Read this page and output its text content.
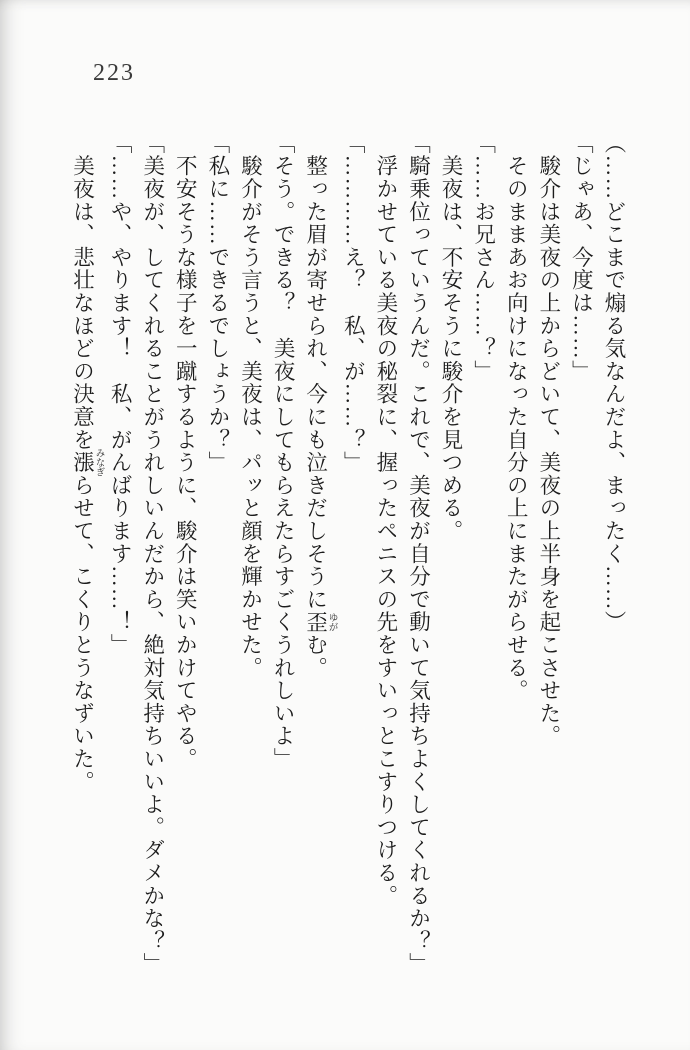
223

（……どこまで煽る気なんだよ、まったく……）

「じゃあ、今度は……」

　駿介は美夜の上からどいて、美夜の上半身を起こさせた。

　そのままあお向けになった自分の上にまたがらせる。

「……お兄さん……？」

　美夜は、不安そうに駿介を見つめる。

「騎乗位っていうんだ。これで、美夜が自分で動いて気持ちよくしてくれるか？」

　浮かせている美夜の秘裂に、握ったペニスの先をすいっとこすりつける。

「…………え？　私、が……？」

　整った眉が寄せられ、今にも泣きだしそうに歪 ゆがむ。

「そう。できる？　美夜にしてもらえたらすごくうれしいよ」

　駿介がそう言うと、美夜は、パッと顔を輝かせた。

「私に……できるでしょうか？」

　不安そうな様子を一蹴するように、駿介は笑いかけてやる。

「美夜が、してくれることがうれしいんだから、絶対気持ちいいよ。ダメかな？」

「……や、やります！　私、がんばります……！」

　美夜は、悲壮なほどの決意を漲 みなぎらせて、こくりとうなずいた。
